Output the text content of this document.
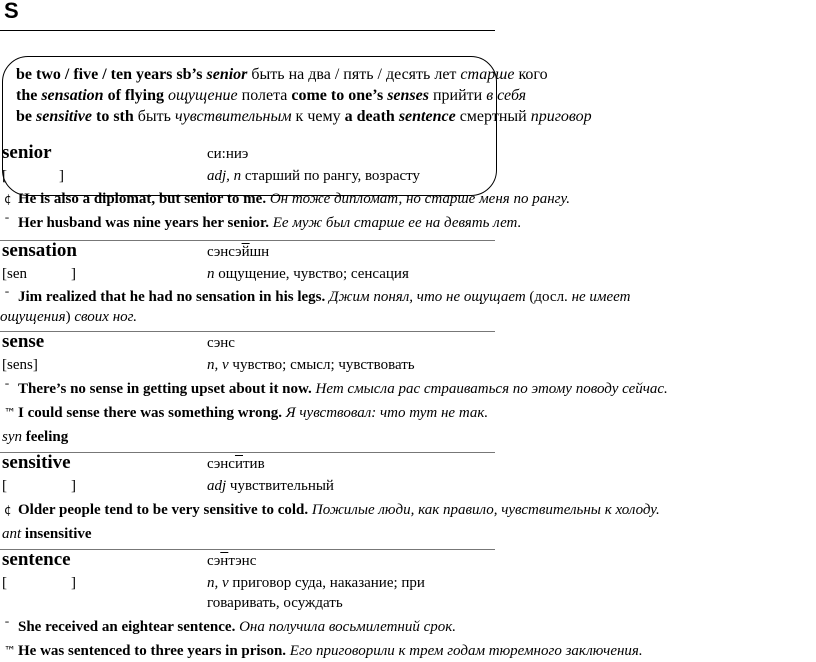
S
be two / five / ten years sb’s senior быть на два / пять / десять лет старше кого
the sensation of flying ощущение полета come to one’s senses прийти в себя
be sensitive to sth быть чувствительным к чему a death sentence смертный приговор
senior	си:ниэ
[	]	adj, n старший по рангу, возрасту
¢ He is also a diplomat, but senior to me. Он тоже дипломат, но старше меня по рангу.
ˉ Her husband was nine years her senior. Ее муж был старше ее на девять лет.
sensation	сэнсэйшн
[sen	]	n ощущение, чувство; сенсация
ˉ Jim realized that he had no sensation in his legs. Джим понял, что не ощущает (досл. не имеет
ощущения) своих ног.
sense	сэнс
[sens]	n, v чувство; смысл; чувствовать
ˉ There’s no sense in getting upset about it now. Нет смысла рас страиваться по этому поводу сейчас.
™ I could sense there was something wrong. Я чувствовал: что тут не так.
syn feeling
sensitive	сэнситив
[	]	adj чувствительный
¢ Older people tend to be very sensitive to cold. Пожилые люди, как правило, чувствительны к холоду.
ant insensitive
sentence	сэнтэнс
[	]	n, v приговор суда, наказание; при
говаривать, осуждать
ˉ She received an eightear sentence. Она получила восьмилетний срок.
™ He was sentenced to three years in prison. Его приговорили к трем годам тюремного заключения.
